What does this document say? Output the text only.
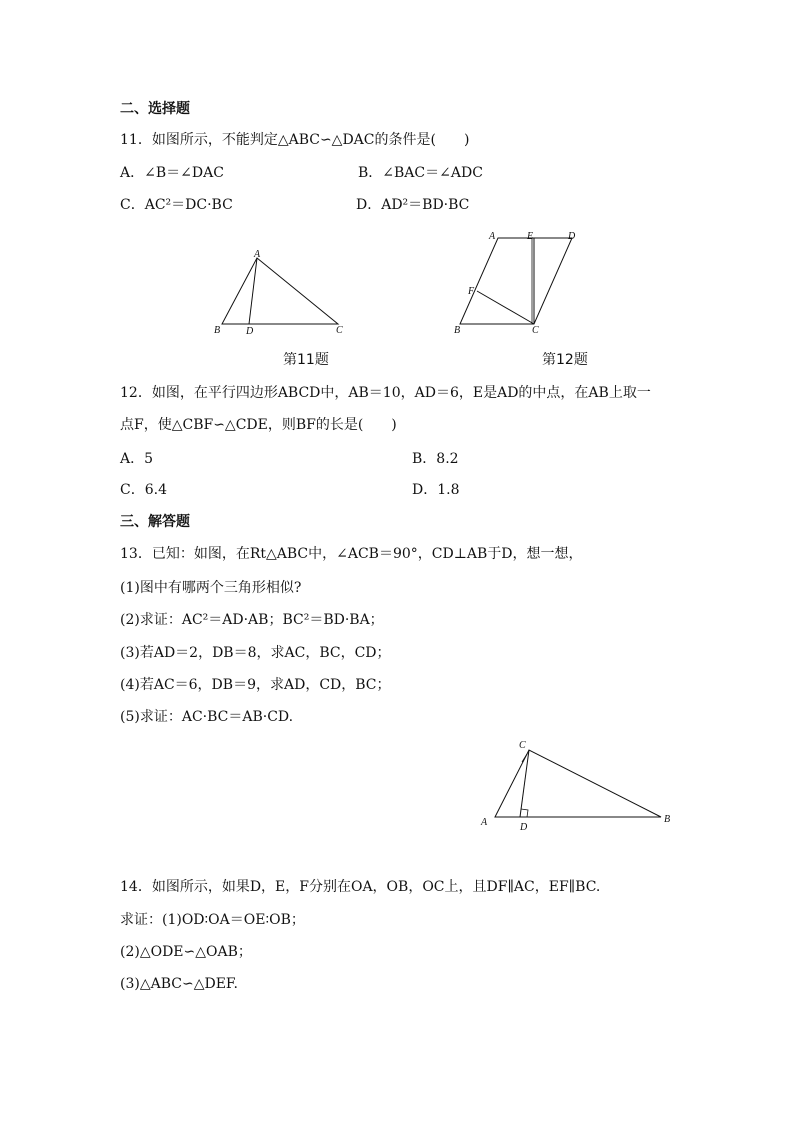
二、选择题
11．如图所示，不能判定△ABC∽△DAC的条件是(　　)
A．∠B＝∠DAC	B．∠BAC＝∠ADC
C．AC²＝DC·BC	D．AD²＝BD·BC
A
B	D	C
A	E	D
F
B	C
第11题	第12题
12．如图，在平行四边形ABCD中，AB＝10，AD＝6，E是AD的中点，在AB上取一
点F，使△CBF∽△CDE，则BF的长是(　　)
A．5	B．8.2
C．6.4	D．1.8
三、解答题
13．已知：如图，在Rt△ABC中，∠ACB＝90°，CD⊥AB于D，想一想，
(1)图中有哪两个三角形相似?
(2)求证：AC²＝AD·AB；BC²＝BD·BA；
(3)若AD＝2，DB＝8，求AC，BC，CD；
(4)若AC＝6，DB＝9，求AD，CD，BC；
(5)求证：AC·BC＝AB·CD.
C
A	D
B
14．如图所示，如果D，E，F分别在OA，OB，OC上，且DF∥AC，EF∥BC.
求证：(1)OD∶OA＝OE∶OB；
(2)△ODE∽△OAB；
(3)△ABC∽△DEF.
